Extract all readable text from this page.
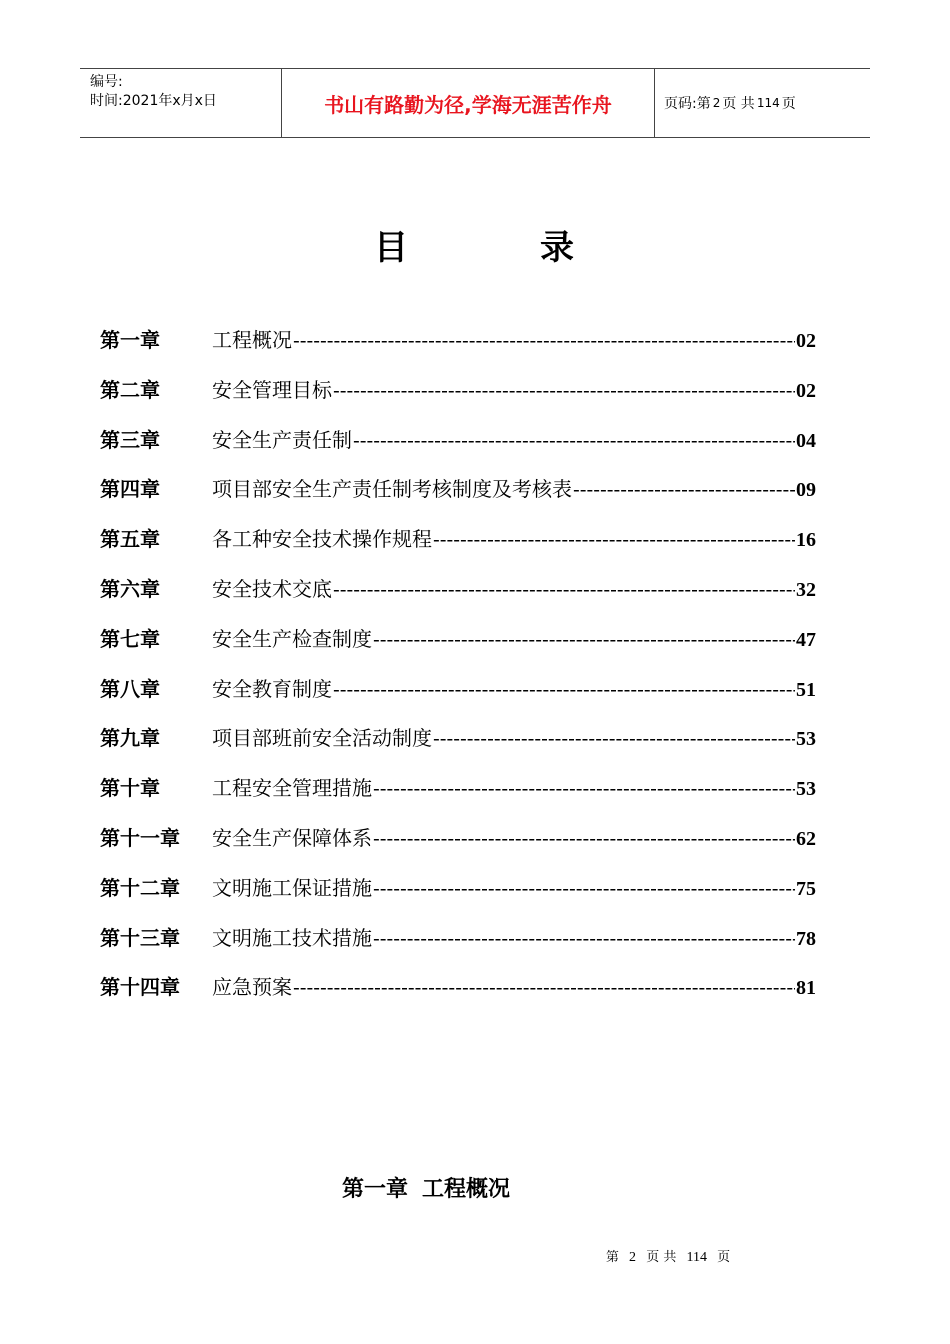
编号:
时间:2021年x月x日	书山有路勤为径,学海无涯苦作舟	页码:第 2 页 共 114 页
目	录
第一章	工程概况 -----	02
第二章	安全管理目标 -----	02
第三章	安全生产责任制 -----	04
第四章	项目部安全生产责任制考核制度及考核表 -----	09
第五章	各工种安全技术操作规程 -----	16
第六章	安全技术交底 -----	32
第七章	安全生产检查制度 -----	47
第八章	安全教育制度 -----	51
第九章	项目部班前安全活动制度 -----	53
第十章	工程安全管理措施 -----	53
第十一章	安全生产保障体系 -----	62
第十二章	文明施工保证措施 -----	75
第十三章	文明施工技术措施 -----	78
第十四章	应急预案 -----	81
第一章 工程概况
第 2 页 共 114 页
